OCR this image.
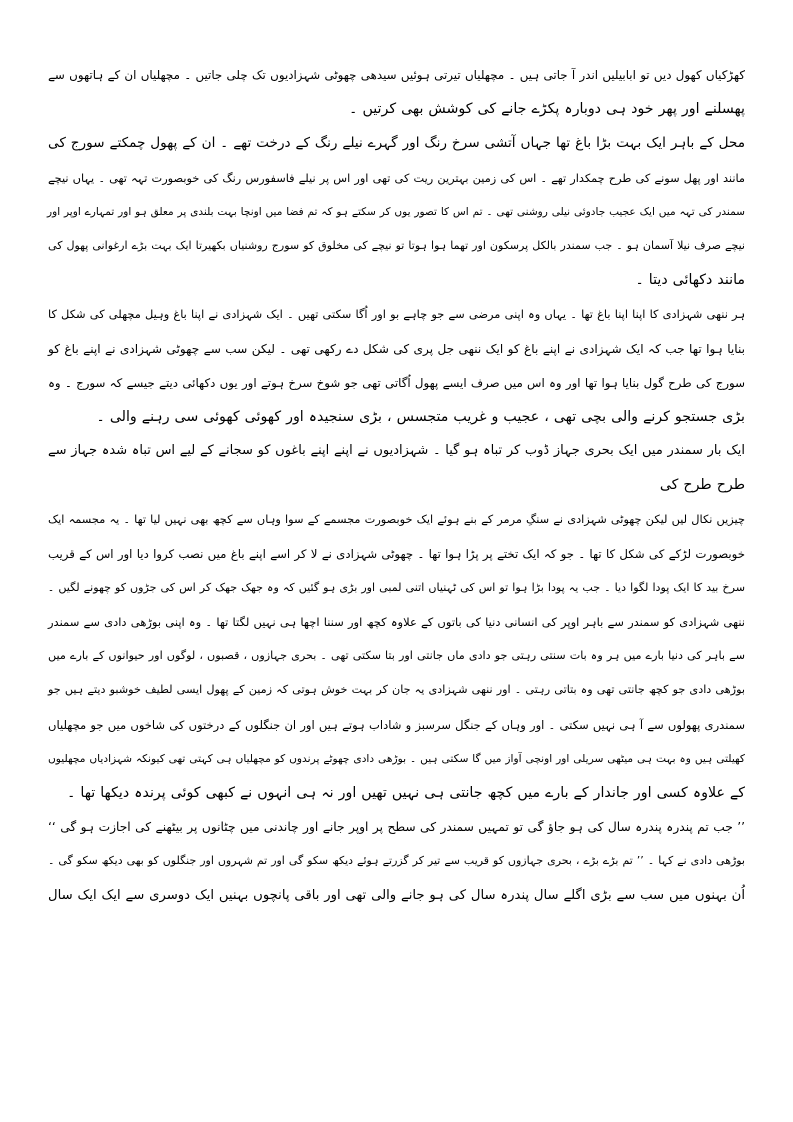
کھڑکیاں کھول دیں تو ابابیلیں اندر آ جاتی ہیں ۔ مچھلیاں تیرتی ہوئیں سیدھی چھوٹی شہزادیوں تک چلی جاتیں ۔ مچھلیاں ان کے ہاتھوں سے
پھسلنے اور پھر خود ہی دوبارہ پکڑے جانے کی کوشش بھی کرتیں ۔
محل کے باہر ایک بہت بڑا باغ تھا جہاں آتشی سرخ رنگ اور گہرے نیلے رنگ کے درخت تھے ۔ ان کے پھول چمکتے سورج کی
مانند اور پھل سونے کی طرح چمکدار تھے ۔ اس کی زمین بہترین ریت کی تھی اور اس پر نیلے فاسفورس رنگ کی خوبصورت تہہ تھی ۔ یہاں نیچے
سمندر کی تہہ میں ایک عجیب جادوئی نیلی روشنی تھی ۔ تم اس کا تصور یوں کر سکتے ہو کہ تم فضا میں اونچا بہت بلندی پر معلق ہو اور تمہارے اوپر اور
نیچے صرف نیلا آسمان ہو ۔ جب سمندر بالکل پرسکون اور تھما ہوا ہوتا تو نیچے کی مخلوق کو سورج روشنیاں بکھیرتا ایک بہت بڑے ارغوانی پھول کی
مانند دکھائی دیتا ۔
ہر ننھی شہزادی کا اپنا اپنا باغ تھا ۔ یہاں وہ اپنی مرضی سے جو چاہے بو اور اُگا سکتی تھیں ۔ ایک شہزادی نے اپنا باغ وہیل مچھلی کی شکل کا
بنایا ہوا تھا جب کہ ایک شہزادی نے اپنے باغ کو ایک ننھی جل پری کی شکل دے رکھی تھی ۔ لیکن سب سے چھوٹی شہزادی نے اپنے باغ کو
سورج کی طرح گول بنایا ہوا تھا اور وہ اس میں صرف ایسے پھول اُگاتی تھی جو شوخ سرخ ہوتے اور یوں دکھائی دیتے جیسے کہ سورج ۔ وہ
بڑی جستجو کرنے والی بچی تھی ، عجیب و غریب متجسس ، بڑی سنجیدہ اور کھوئی کھوئی سی رہنے والی ۔
ایک بار سمندر میں ایک بحری جہاز ڈوب کر تباہ ہو گیا ۔ شہزادیوں نے اپنے اپنے باغوں کو سجانے کے لیے اس تباہ شدہ جہاز سے
طرح طرح کی
چیزیں نکال لیں لیکن چھوٹی شہزادی نے سنگِ مرمر کے بنے ہوئے ایک خوبصورت مجسمے کے سوا وہاں سے کچھ بھی نہیں لیا تھا ۔ یہ مجسمہ ایک
خوبصورت لڑکے کی شکل کا تھا ۔ جو کہ ایک تختے پر پڑا ہوا تھا ۔ چھوٹی شہزادی نے لا کر اسے اپنے باغ میں نصب کروا دیا اور اس کے قریب
سرخ بید کا ایک پودا لگوا دیا ۔ جب یہ پودا بڑا ہوا تو اس کی ٹہنیاں اتنی لمبی اور بڑی ہو گئیں کہ وہ جھک جھک کر اس کی جڑوں کو چھونے لگیں ۔
ننھی شہزادی کو سمندر سے باہر اوپر کی انسانی دنیا کی باتوں کے علاوہ کچھ اور سننا اچھا ہی نہیں لگتا تھا ۔ وہ اپنی بوڑھی دادی سے سمندر
سے باہر کی دنیا بارے میں ہر وہ بات سنتی رہتی جو دادی ماں جانتی اور بتا سکتی تھی ۔ بحری جہازوں ، قصبوں ، لوگوں اور حیوانوں کے بارے میں
بوڑھی دادی جو کچھ جانتی تھی وہ بتاتی رہتی ۔ اور ننھی شہزادی یہ جان کر بہت خوش ہوتی کہ زمین کے پھول ایسی لطیف خوشبو دیتے ہیں جو
سمندری پھولوں سے آ ہی نہیں سکتی ۔ اور وہاں کے جنگل سرسبز و شاداب ہوتے ہیں اور ان جنگلوں کے درختوں کی شاخوں میں جو مچھلیاں
کھیلتی ہیں وہ بہت ہی میٹھی سریلی اور اونچی آواز میں گا سکتی ہیں ۔ بوڑھی دادی چھوٹے پرندوں کو مچھلیاں ہی کہتی تھی کیونکہ شہزادیاں مچھلیوں
کے علاوہ کسی اور جاندار کے بارے میں کچھ جانتی ہی نہیں تھیں اور نہ ہی انہوں نے کبھی کوئی پرندہ دیکھا تھا ۔
’’ جب تم پندرہ پندرہ سال کی ہو جاؤ گی تو تمہیں سمندر کی سطح پر اوپر جانے اور چاندنی میں چٹانوں پر بیٹھنے کی اجازت ہو گی ‘‘
بوڑھی دادی نے کہا ۔ ’’ تم بڑے بڑے ، بحری جہازوں کو قریب سے تیر کر گزرتے ہوئے دیکھ سکو گی اور تم شہروں اور جنگلوں کو بھی دیکھ سکو گی ۔
اُن بہنوں میں سب سے بڑی اگلے سال پندرہ سال کی ہو جانے والی تھی اور باقی پانچوں بہنیں ایک دوسری سے ایک ایک سال
